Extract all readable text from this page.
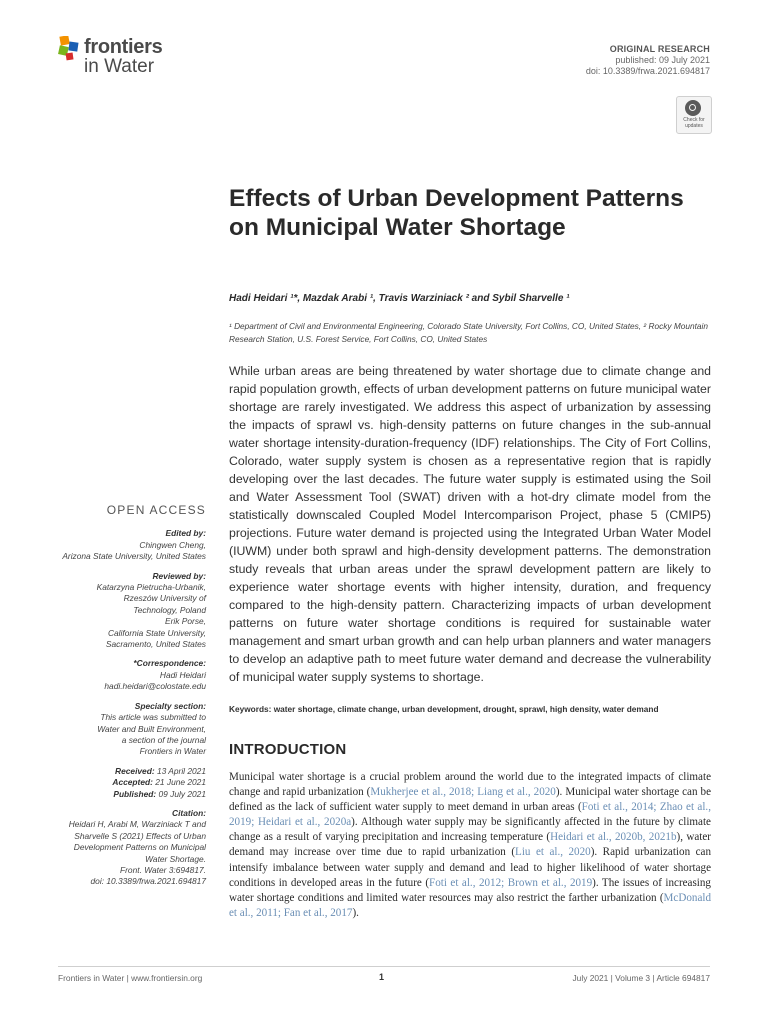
frontiers
in Water
ORIGINAL RESEARCH
published: 09 July 2021
doi: 10.3389/frwa.2021.694817
Check for updates
Effects of Urban Development Patterns on Municipal Water Shortage
Hadi Heidari ¹*, Mazdak Arabi ¹, Travis Warziniack ² and Sybil Sharvelle ¹
¹ Department of Civil and Environmental Engineering, Colorado State University, Fort Collins, CO, United States, ² Rocky Mountain Research Station, U.S. Forest Service, Fort Collins, CO, United States
While urban areas are being threatened by water shortage due to climate change and rapid population growth, effects of urban development patterns on future municipal water shortage are rarely investigated. We address this aspect of urbanization by assessing the impacts of sprawl vs. high-density patterns on future changes in the sub-annual water shortage intensity-duration-frequency (IDF) relationships. The City of Fort Collins, Colorado, water supply system is chosen as a representative region that is rapidly developing over the last decades. The future water supply is estimated using the Soil and Water Assessment Tool (SWAT) driven with a hot-dry climate model from the statistically downscaled Coupled Model Intercomparison Project, phase 5 (CMIP5) projections. Future water demand is projected using the Integrated Urban Water Model (IUWM) under both sprawl and high-density development patterns. The demonstration study reveals that urban areas under the sprawl development pattern are likely to experience water shortage events with higher intensity, duration, and frequency compared to the high-density pattern. Characterizing impacts of urban development patterns on future water shortage conditions is required for sustainable water management and smart urban growth and can help urban planners and water managers to develop an adaptive path to meet future water demand and decrease the vulnerability of municipal water supply systems to shortage.
Keywords: water shortage, climate change, urban development, drought, sprawl, high density, water demand
INTRODUCTION
Municipal water shortage is a crucial problem around the world due to the integrated impacts of climate change and rapid urbanization (Mukherjee et al., 2018; Liang et al., 2020). Municipal water shortage can be defined as the lack of sufficient water supply to meet demand in urban areas (Foti et al., 2014; Zhao et al., 2019; Heidari et al., 2020a). Although water supply may be significantly affected in the future by climate change as a result of varying precipitation and increasing temperature (Heidari et al., 2020b, 2021b), water demand may increase over time due to rapid urbanization (Liu et al., 2020). Rapid urbanization can intensify imbalance between water supply and demand and lead to higher likelihood of water shortage conditions in developed areas in the future (Foti et al., 2012; Brown et al., 2019). The issues of increasing water shortage conditions and limited water resources may also restrict the farther urbanization (McDonald et al., 2011; Fan et al., 2017).
OPEN ACCESS
Edited by:
Chingwen Cheng,
Arizona State University, United States
Reviewed by:
Katarzyna Pietrucha-Urbanik,
Rzeszów University of
Technology, Poland
Erik Porse,
California State University,
Sacramento, United States
*Correspondence:
Hadi Heidari
hadi.heidari@colostate.edu
Specialty section:
This article was submitted to
Water and Built Environment,
a section of the journal
Frontiers in Water
Received: 13 April 2021
Accepted: 21 June 2021
Published: 09 July 2021
Citation:
Heidari H, Arabi M, Warziniack T and
Sharvelle S (2021) Effects of Urban
Development Patterns on Municipal
Water Shortage.
Front. Water 3:694817.
doi: 10.3389/frwa.2021.694817
Frontiers in Water | www.frontiersin.org	1	July 2021 | Volume 3 | Article 694817
